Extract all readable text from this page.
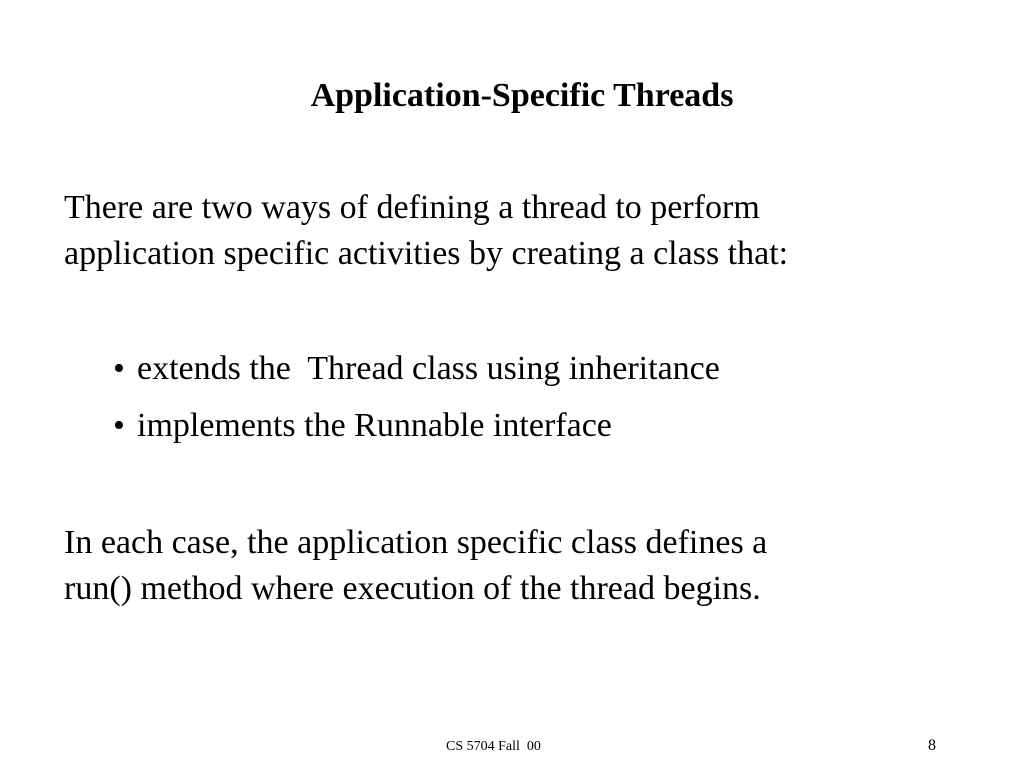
Application-Specific Threads

There are two ways of defining a thread to perform
application specific activities by creating a class that:

• extends the  Thread class using inheritance
• implements the Runnable interface

In each case, the application specific class defines a
run() method where execution of the thread begins.

CS 5704 Fall  00	8
